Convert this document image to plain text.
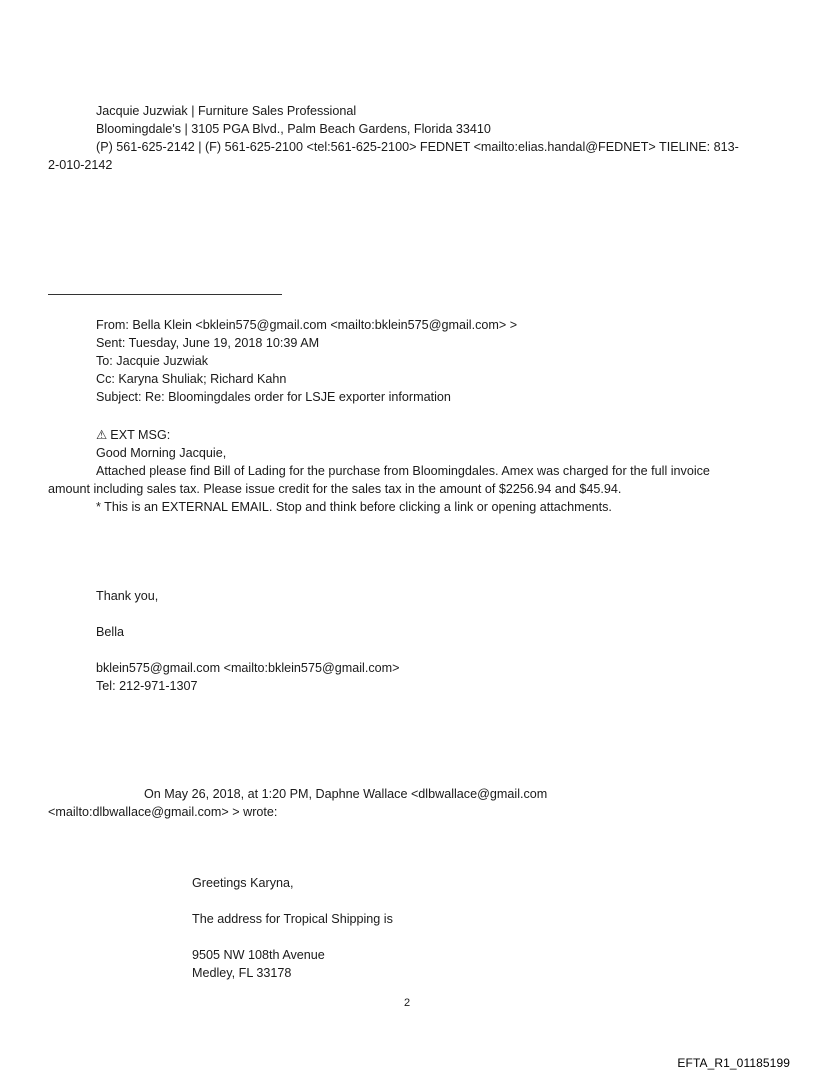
Jacquie Juzwiak | Furniture Sales Professional
Bloomingdale's | 3105 PGA Blvd., Palm Beach Gardens, Florida 33410
(P) 561-625-2142 | (F) 561-625-2100 <tel:561-625-2100> FEDNET <mailto:elias.handal@FEDNET> TIELINE: 813-
2-010-2142
From: Bella Klein <bklein575@gmail.com <mailto:bklein575@gmail.com> >
Sent: Tuesday, June 19, 2018 10:39 AM
To: Jacquie Juzwiak
Cc: Karyna Shuliak; Richard Kahn
Subject: Re: Bloomingdales order for LSJE exporter information
⚠ EXT MSG:
Good Morning Jacquie,
Attached please find Bill of Lading for the purchase from Bloomingdales. Amex was charged for the full invoice
amount including sales tax. Please issue credit for the sales tax in the amount of $2256.94 and $45.94.
* This is an EXTERNAL EMAIL. Stop and think before clicking a link or opening attachments.
Thank you,
Bella
bklein575@gmail.com <mailto:bklein575@gmail.com>
Tel: 212-971-1307
On May 26, 2018, at 1:20 PM, Daphne Wallace <dlbwallace@gmail.com
<mailto:dlbwallace@gmail.com> > wrote:
Greetings Karyna,
The address for Tropical Shipping is
9505 NW 108th Avenue
Medley, FL 33178
2
EFTA_R1_01185199
